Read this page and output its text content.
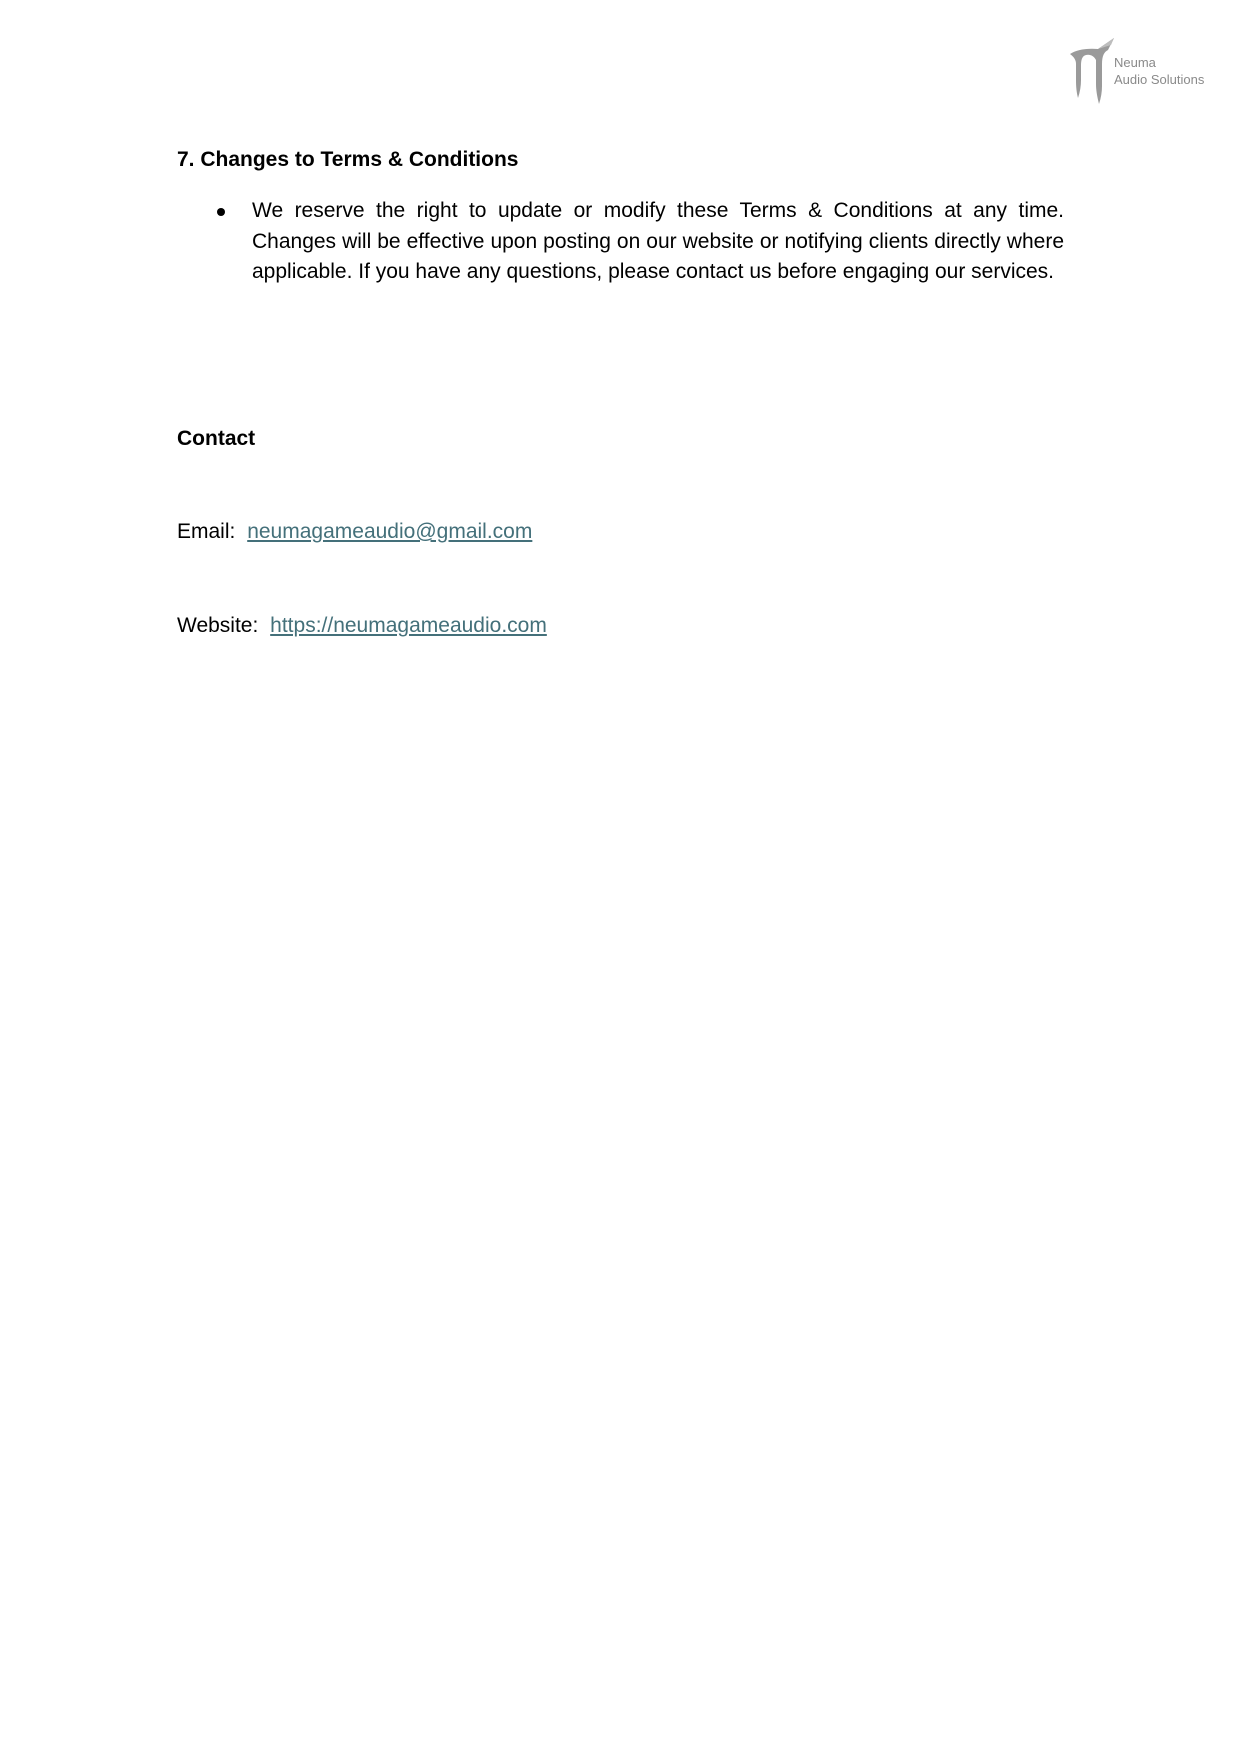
Neuma
Audio Solutions
7. Changes to Terms & Conditions

We reserve the right to update or modify these Terms & Conditions at any time. Changes will be effective upon posting on our website or notifying clients directly where applicable. If you have any questions, please contact us before engaging our services.

Contact
Email: neumagameaudio@gmail.com
Website: https://neumagameaudio.com
